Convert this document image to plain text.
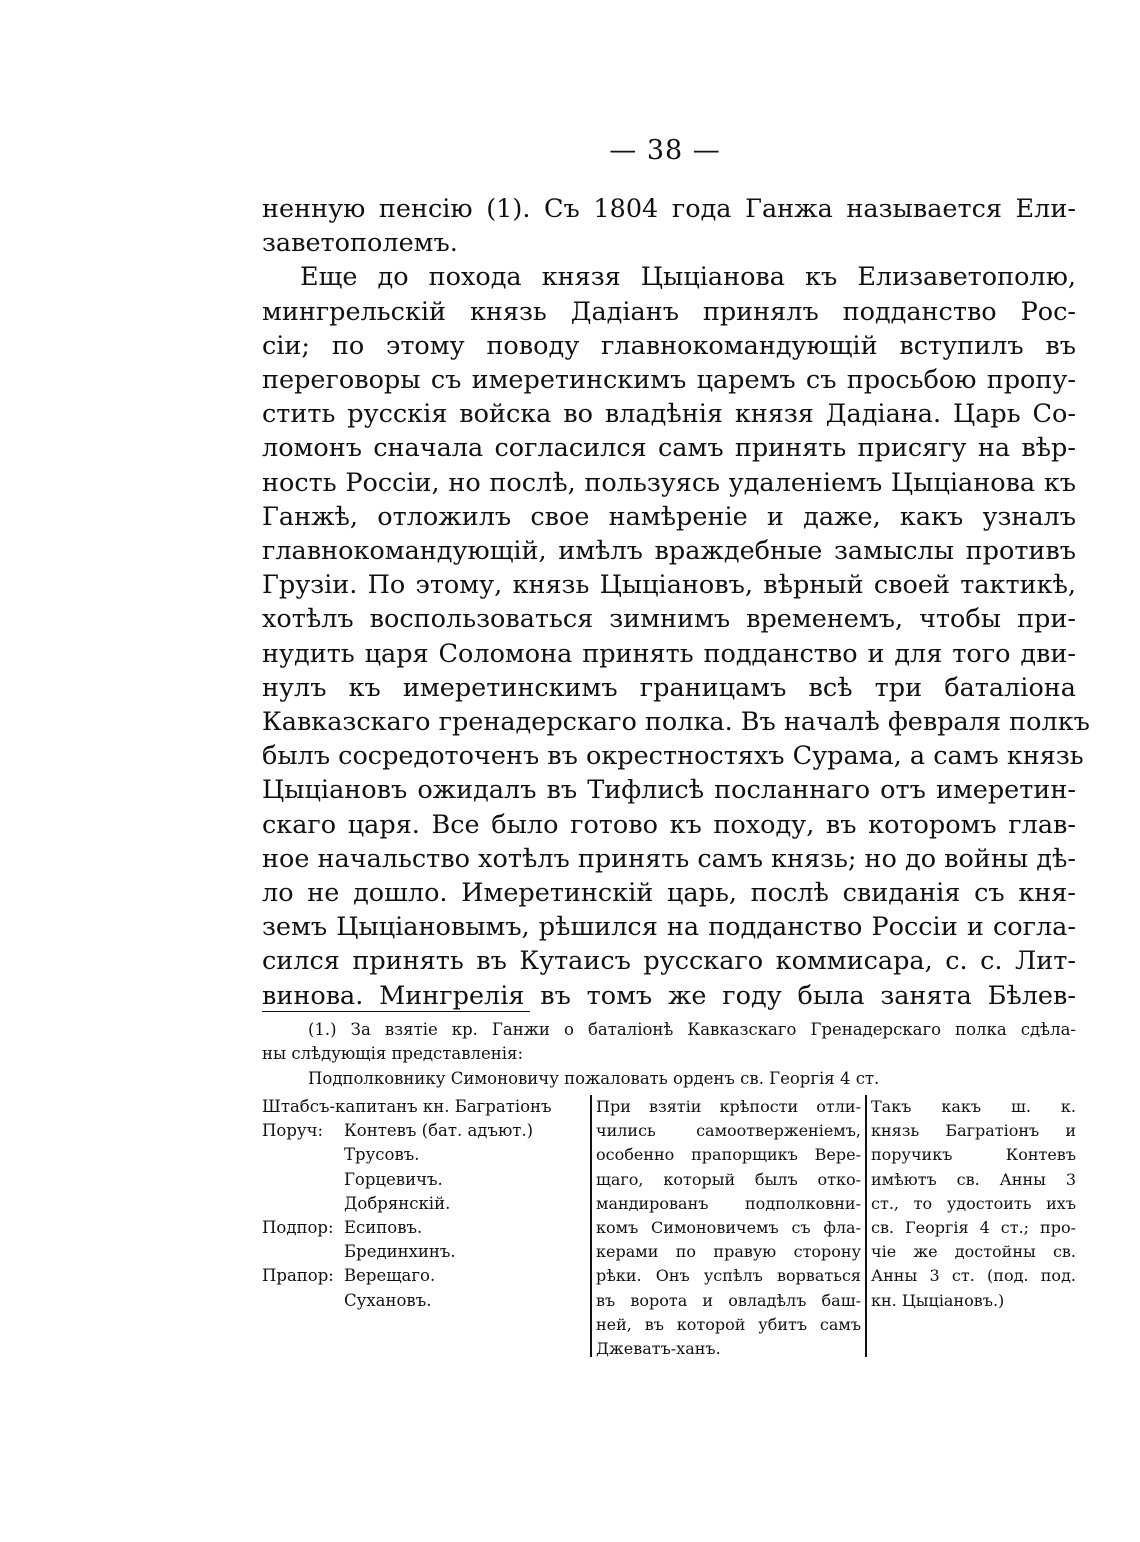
— 38 —
ненную пенсію (1). Съ 1804 года Ганжа называется Ели-
заветополемъ.
Еще до похода князя Цыціанова къ Елизаветополю,
мингрельскій князь Дадіанъ принялъ подданство Рос-
сіи; по этому поводу главнокомандующій вступилъ въ
переговоры съ имеретинскимъ царемъ съ просьбою пропу-
стить русскія войска во владѣнія князя Дадіана. Царь Со-
ломонъ сначала согласился самъ принять присягу на вѣр-
ность Россіи, но послѣ, пользуясь удаленіемъ Цыціанова къ
Ганжѣ, отложилъ свое намѣреніе и даже, какъ узналъ
главнокомандующій, имѣлъ враждебные замыслы противъ
Грузіи. По этому, князь Цыціановъ, вѣрный своей тактикѣ,
хотѣлъ воспользоваться зимнимъ временемъ, чтобы при-
нудить царя Соломона принять подданство и для того дви-
нулъ къ имеретинскимъ границамъ всѣ три баталіона
Кавказскаго гренадерскаго полка. Въ началѣ февраля полкъ
былъ сосредоточенъ въ окрестностяхъ Сурама, а самъ князь
Цыціановъ ожидалъ въ Тифлисѣ посланнаго отъ имеретин-
скаго царя. Все было готово къ походу, въ которомъ глав-
ное начальство хотѣлъ принять самъ князь; но до войны дѣ-
ло не дошло. Имеретинскій царь, послѣ свиданія съ кня-
земъ Цыціановымъ, рѣшился на подданство Россіи и согла-
сился принять въ Кутаисъ русскаго коммисара, с. с. Лит-
винова. Мингрелія въ томъ же году была занята Бѣлев-
(1.) За взятіе кр. Ганжи о баталіонѣ Кавказскаго Гренадерскаго полка сдѣла-
ны слѣдующія представленія:
Подполковнику Симоновичу пожаловать орденъ св. Георгія 4 ст.
Штабсъ-капитанъ кн. Багратіонъ
Поруч:	Контевъ (бат. адъют.)
Трусовъ.
Горцевичъ.
Добрянскій.
Подпор: Есиповъ.
Брединхинъ.
Прапор: Верещаго.
Сухановъ.
При взятіи крѣпости отли-
чились самоотверженіемъ,
особенно прапорщикъ Вере-
щаго, который былъ отко-
мандированъ подполковни-
комъ Симоновичемъ съ фла-
керами по правую сторону
рѣки. Онъ успѣлъ ворваться
въ ворота и овладѣлъ баш-
ней, въ которой убитъ самъ
Джеватъ-ханъ.
Такъ какъ ш. к.
князь Багратіонъ и
поручикъ Контевъ
имѣютъ св. Анны 3
ст., то удостоить ихъ
св. Георгія 4 ст.; про-
чіе же достойны св.
Анны 3 ст. (под. под.
кн. Цыціановъ.)
